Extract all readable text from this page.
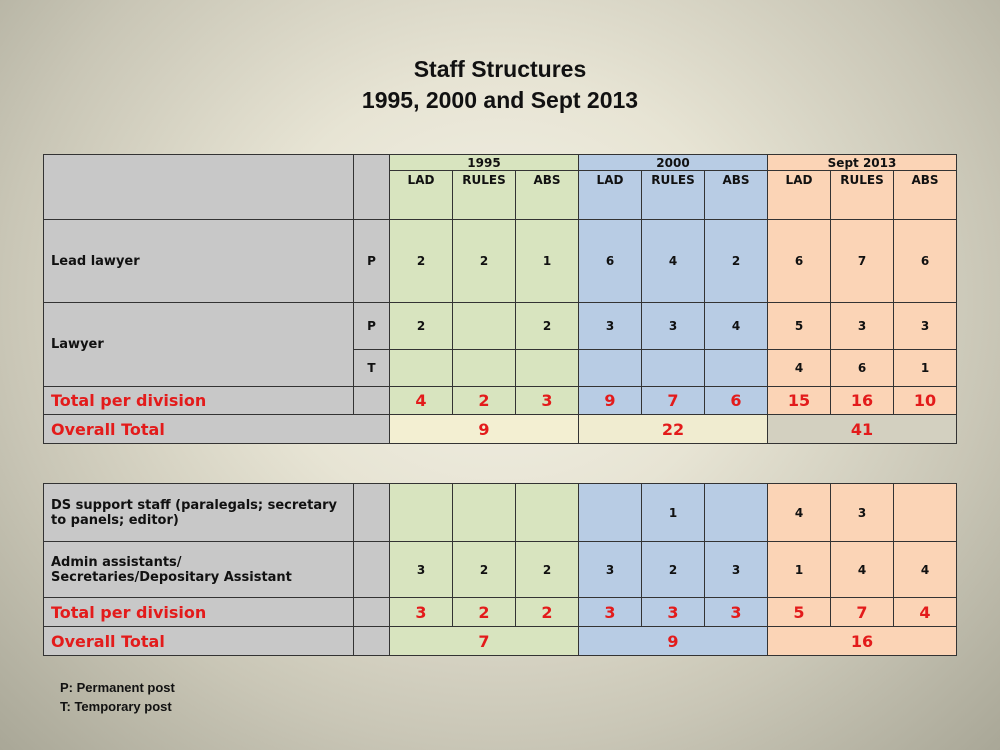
Staff Structures
1995, 2000 and Sept 2013
		1995			2000			Sept 2013		
		LAD	RULES	ABS	LAD	RULES	ABS	LAD	RULES	ABS
Lead lawyer	P	2	2	1	6	4	2	6	7	6
Lawyer	P	2		2	3	3	4	5	3	3
	T							4	6	1
Total per division		4	2	3	9	7	6	15	16	10
Overall Total		9			22			41		
DS support staff (paralegals; secretary to panels; editor)						1		4	3	
Admin assistants/ Secretaries/Depositary Assistant		3	2	2	3	2	3	1	4	4
Total per division		3	2	2	3	3	3	5	7	4
Overall Total		7			9			16		
P: Permanent post
T: Temporary post
